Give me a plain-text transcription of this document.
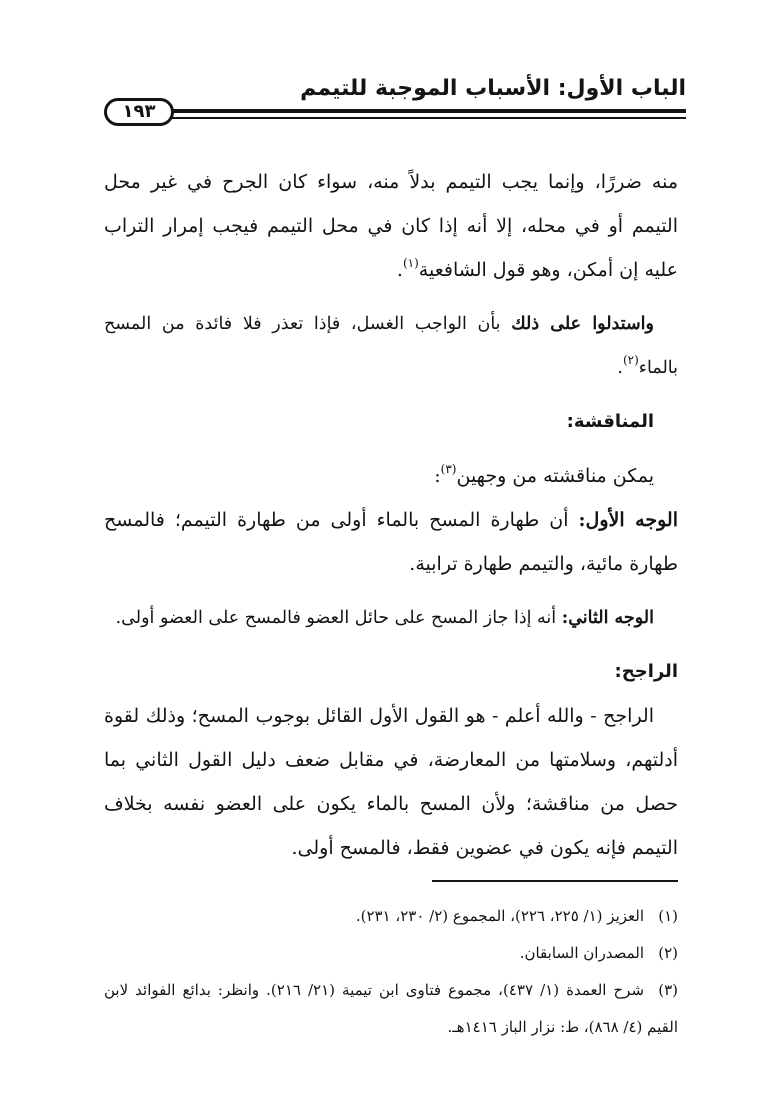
الباب الأول: الأسباب الموجبة للتيمم
١٩٣

منه ضررًا، وإنما يجب التيمم بدلاً منه، سواء كان الجرح في غير محل التيمم أو في محله، إلا أنه إذا كان في محل التيمم فيجب إمرار التراب عليه إن أمكن، وهو قول الشافعية$^{(١)}$.

واستدلوا على ذلك بأن الواجب الغسل، فإذا تعذر فلا فائدة من المسح بالماء$^{(٢)}$.

المناقشة:

يمكن مناقشته من وجهين$^{(٣)}$:

الوجه الأول: أن طهارة المسح بالماء أولى من طهارة التيمم؛ فالمسح طهارة مائية، والتيمم طهارة ترابية.

الوجه الثاني: أنه إذا جاز المسح على حائل العضو فالمسح على العضو أولى.

الراجح:

الراجح - والله أعلم - هو القول الأول القائل بوجوب المسح؛ وذلك لقوة أدلتهم، وسلامتها من المعارضة، في مقابل ضعف دليل القول الثاني بما حصل من مناقشة؛ ولأن المسح بالماء يكون على العضو نفسه بخلاف التيمم فإنه يكون في عضوين فقط، فالمسح أولى.

(١)العزيز (١/ ٢٢٥، ٢٢٦)، المجموع (٢/ ٢٣٠، ٢٣١).

(٢)المصدران السابقان.

(٣)شرح العمدة (١/ ٤٣٧)، مجموع فتاوى ابن تيمية (٢١/ ٢١٦). وانظر: بدائع الفوائد لابن القيم (٤/ ٨٦٨)، ط: نزار الباز ١٤١٦هـ.
